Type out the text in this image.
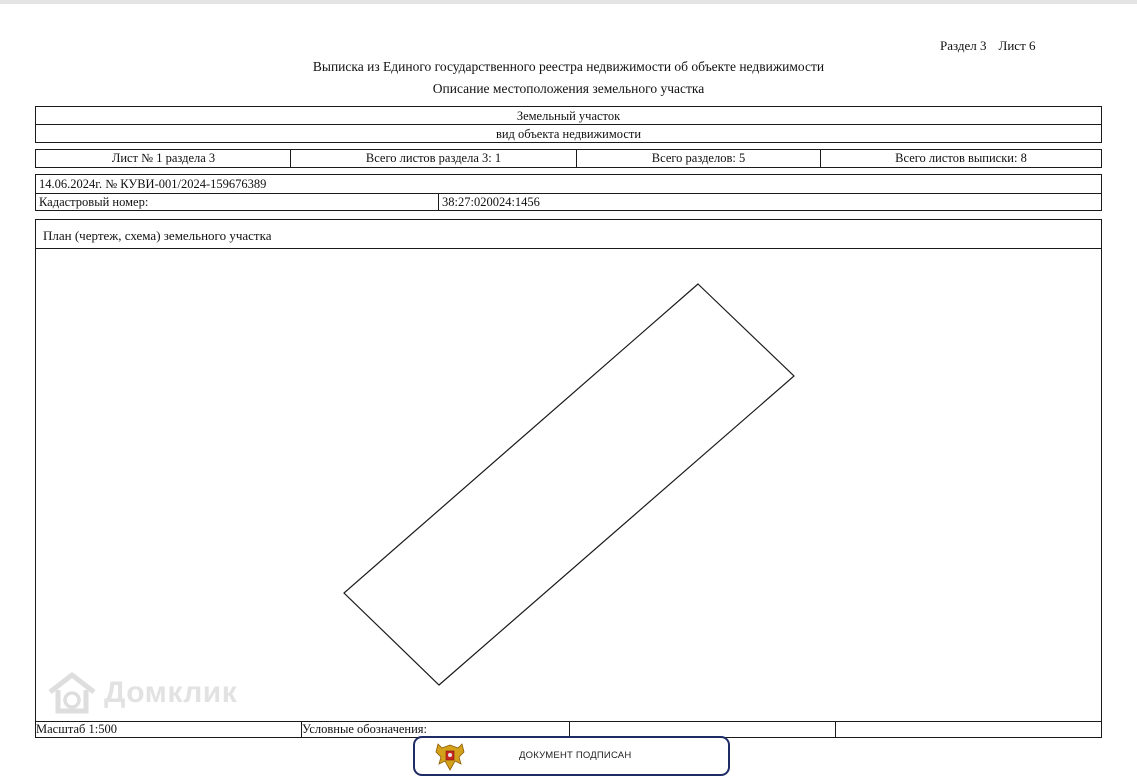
Раздел 3 Лист 6
Выписка из Единого государственного реестра недвижимости об объекте недвижимости
Описание местоположения земельного участка
Земельный участок
вид объекта недвижимости
Лист № 1 раздела 3	Всего листов раздела 3: 1	Всего разделов: 5	Всего листов выписки: 8
14.06.2024г. № КУВИ-001/2024-159676389
Кадастровый номер:	38:27:020024:1456
План (чертеж, схема) земельного участка
Масштаб 1:500	Условные обозначения:
Домклик
ДОКУМЕНТ ПОДПИСАН
